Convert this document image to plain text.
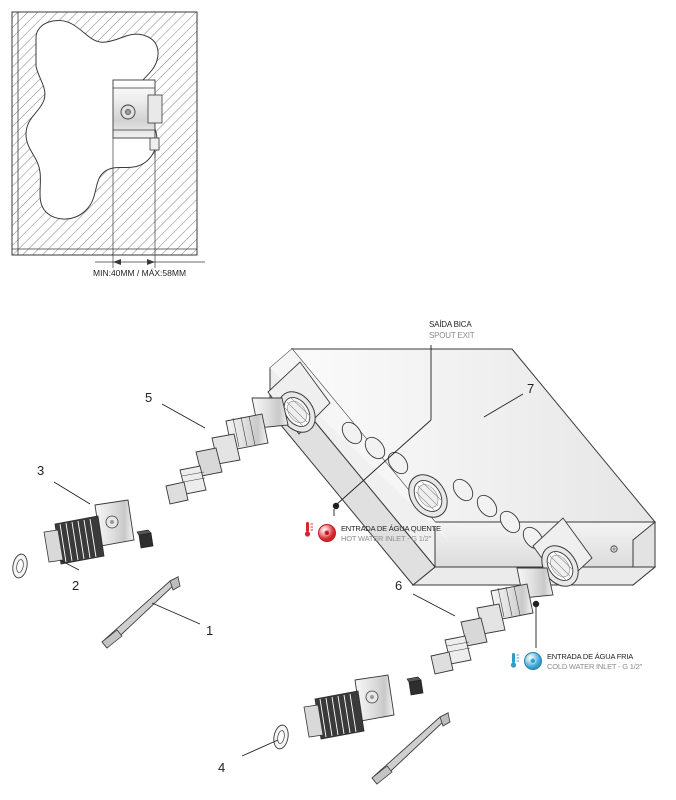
MIN:40MM / MÁX:58MM
SAÍDA BICA
SPOUT EXIT
ENTRADA DE ÁGUA QUENTE
HOT WATER INLET - G 1/2"
ENTRADA DE ÁGUA FRIA
COLD WATER INLET - G 1/2"
1
2
3
4
5
6
7
